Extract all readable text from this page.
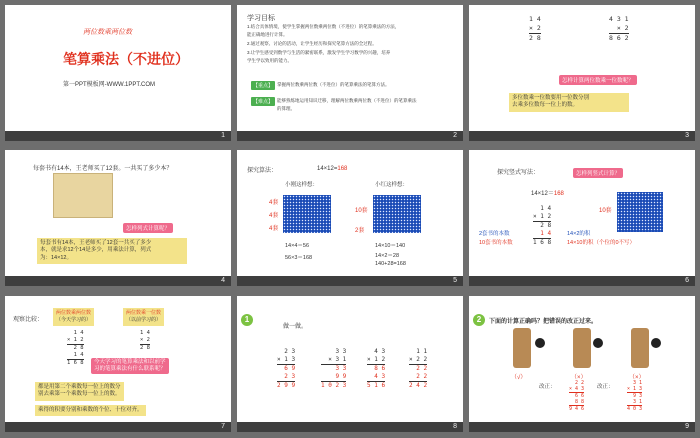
两位数乘两位数
笔算乘法（不进位）
第一PPT模板网-WWW.1PPT.COM
1
学习目标
1.结合具体情境，使学生掌握两位数乘两位数（不进位）的笔算乘法的方法，
能正确地进行计算。
2.通过观察、讨论的活动，让学生经历和探究笔算方法的全过程。
3.让学生感受到数学与生活的紧密联系，激发学生学习数学的兴趣，培养
学生学以致用的能力。
【重点】 掌握两位数乘两位数（不进位）的笔算乘法的笔算方法。
【难点】 能够熟练地运用知识迁移，理解两位数乘两位数（不进位）的笔算乘法
的算理。
2
1 4
× 2
2 8
4 3 1
× 2
8 6 2
怎样计算两位数乘一位数呢？
多位数乘一位数要用一位数分别
去乘多位数每一位上的数。
3
每套书有14本，王老师买了12套。一共买了多少本？
怎样列式计算呢？
每套书有14本，王老师买了12套一共买了多少
本，就是求12个14是多少，用乘法计算，列式
为：14×12。
4
探究算法：	14×12=168
小刚这样想：	小红这样想：
4套
4套
4套
10套
2套
14×4＝56
56×3＝168
14×10＝140
14×2＝28
140+28=168
5
探究竖式写法：	怎样列竖式计算？
14×12＝168
10套
1 4
× 1 2
2 8
1 4
1 6 8
2套书的本数	14×2的积
10套书的本数	14×10的积（个位的0不写）
6
观察比较：
两位数乘两位数
（今天学习的）
两位数乘一位数
（以前学习的）
1 4
× 1 2
2 8
1 4
1 6 8
1 4
× 2
2 8
今天学习的笔算乘法和以前学
习的笔算乘法有什么联系呢？
都是用第二个乘数每一位上的数分
别去乘第一个乘数每一位上的数。
乘得的积要分别和乘数的个位、十位对齐。
7
1
做一做。
2 3
× 1 3
6 9
2 3
2 9 9
3 3
× 3 1
3 3
9 9
1 0 2 3
4 3
× 1 2
8 6
4 3
5 1 6
1 1
× 2 2
2 2
2 2
2 4 2
8
2	下面的计算正确吗？把错误的改正过来。
（√）	（×）	（×）
改正：
2 2
× 4 3
6 6
8 8
9 4 6
改正：
3 1
× 1 3
9 3
3 1
4 0 3
9
